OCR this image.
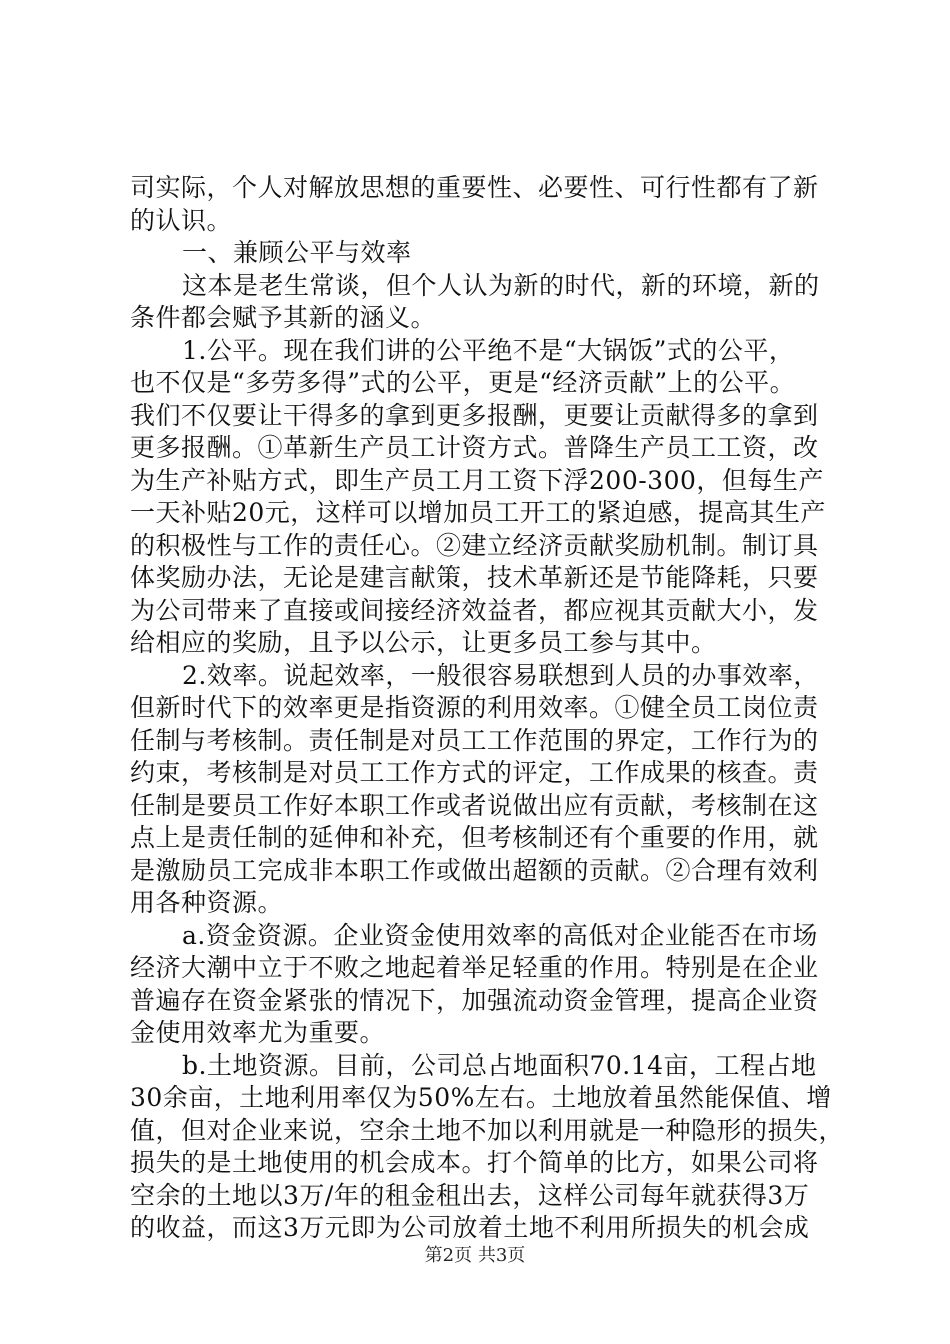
司实际，个人对解放思想的重要性、必要性、可行性都有了新
的认识。
一、兼顾公平与效率
这本是老生常谈，但个人认为新的时代，新的环境，新的
条件都会赋予其新的涵义。
1.公平。现在我们讲的公平绝不是“大锅饭”式的公平，
也不仅是“多劳多得”式的公平，更是“经济贡献”上的公平。
我们不仅要让干得多的拿到更多报酬，更要让贡献得多的拿到
更多报酬。①革新生产员工计资方式。普降生产员工工资，改
为生产补贴方式，即生产员工月工资下浮200-300，但每生产
一天补贴20元，这样可以增加员工开工的紧迫感，提高其生产
的积极性与工作的责任心。②建立经济贡献奖励机制。制订具
体奖励办法，无论是建言献策，技术革新还是节能降耗，只要
为公司带来了直接或间接经济效益者，都应视其贡献大小，发
给相应的奖励，且予以公示，让更多员工参与其中。
2.效率。说起效率，一般很容易联想到人员的办事效率，
但新时代下的效率更是指资源的利用效率。①健全员工岗位责
任制与考核制。责任制是对员工工作范围的界定，工作行为的
约束，考核制是对员工工作方式的评定，工作成果的核查。责
任制是要员工作好本职工作或者说做出应有贡献，考核制在这
点上是责任制的延伸和补充，但考核制还有个重要的作用，就
是激励员工完成非本职工作或做出超额的贡献。②合理有效利
用各种资源。
a.资金资源。企业资金使用效率的高低对企业能否在市场
经济大潮中立于不败之地起着举足轻重的作用。特别是在企业
普遍存在资金紧张的情况下，加强流动资金管理，提高企业资
金使用效率尤为重要。
b.土地资源。目前，公司总占地面积70.14亩，工程占地
30余亩，土地利用率仅为50%左右。土地放着虽然能保值、增
值，但对企业来说，空余土地不加以利用就是一种隐形的损失，
损失的是土地使用的机会成本。打个简单的比方，如果公司将
空余的土地以3万/年的租金租出去，这样公司每年就获得3万
的收益，而这3万元即为公司放着土地不利用所损失的机会成
第2页 共3页
